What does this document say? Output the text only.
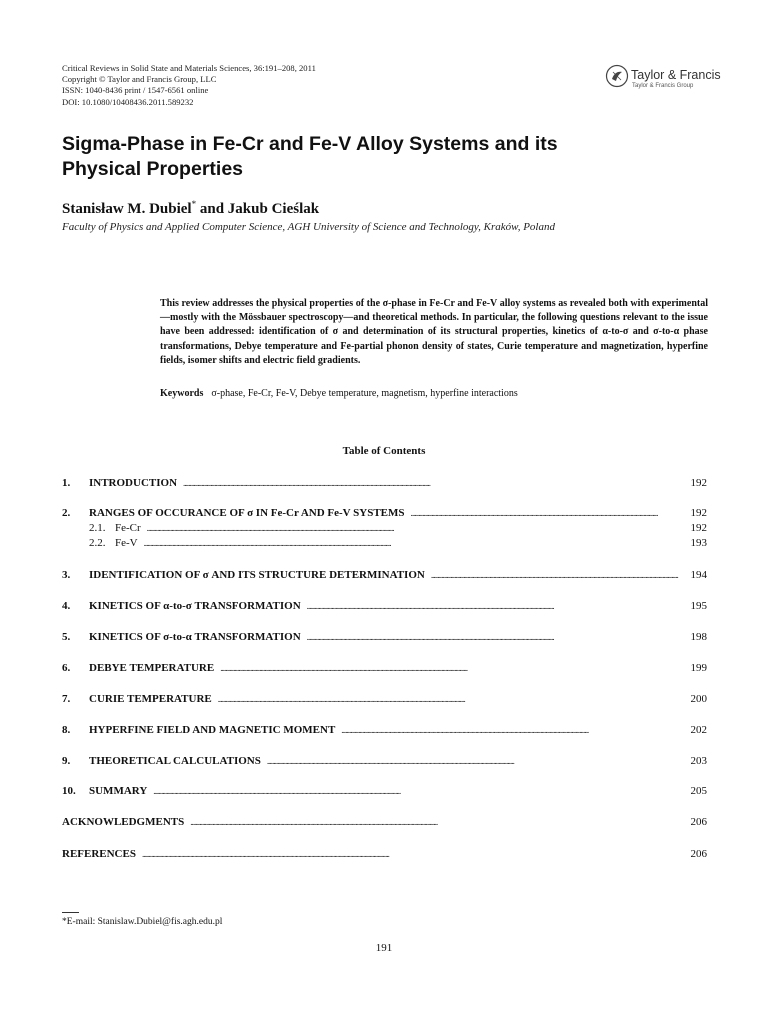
Critical Reviews in Solid State and Materials Sciences, 36:191–208, 2011
Copyright © Taylor and Francis Group, LLC
ISSN: 1040-8436 print / 1547-6561 online
DOI: 10.1080/10408436.2011.589232
Taylor & Francis
Taylor & Francis Group
Sigma-Phase in Fe-Cr and Fe-V Alloy Systems and its Physical Properties
Stanisław M. Dubiel* and Jakub Cieślak
Faculty of Physics and Applied Computer Science, AGH University of Science and Technology, Kraków, Poland
This review addresses the physical properties of the σ-phase in Fe-Cr and Fe-V alloy systems as revealed both with experimental—mostly with the Mössbauer spectroscopy—and theoretical methods. In particular, the following questions relevant to the issue have been addressed: identification of σ and determination of its structural properties, kinetics of α-to-σ and σ-to-α phase transformations, Debye temperature and Fe-partial phonon density of states, Curie temperature and magnetization, hyperfine fields, isomer shifts and electric field gradients.
Keywords σ-phase, Fe-Cr, Fe-V, Debye temperature, magnetism, hyperfine interactions
Table of Contents
1.	INTRODUCTION . . .	192
2.	RANGES OF OCCURANCE OF σ IN Fe-Cr AND Fe-V SYSTEMS . . .	192
2.1. Fe-Cr . . .	192
2.2. Fe-V . . .	193
3.	IDENTIFICATION OF σ AND ITS STRUCTURE DETERMINATION . . .	194
4.	KINETICS OF α-to-σ TRANSFORMATION . . .	195
5.	KINETICS OF σ-to-α TRANSFORMATION . . .	198
6.	DEBYE TEMPERATURE . . .	199
7.	CURIE TEMPERATURE . . .	200
8.	HYPERFINE FIELD AND MAGNETIC MOMENT . . .	202
9.	THEORETICAL CALCULATIONS . . .	203
10.	SUMMARY . . .	205
ACKNOWLEDGMENTS . . .	206
REFERENCES . . .	206
*E-mail: Stanislaw.Dubiel@fis.agh.edu.pl
191
